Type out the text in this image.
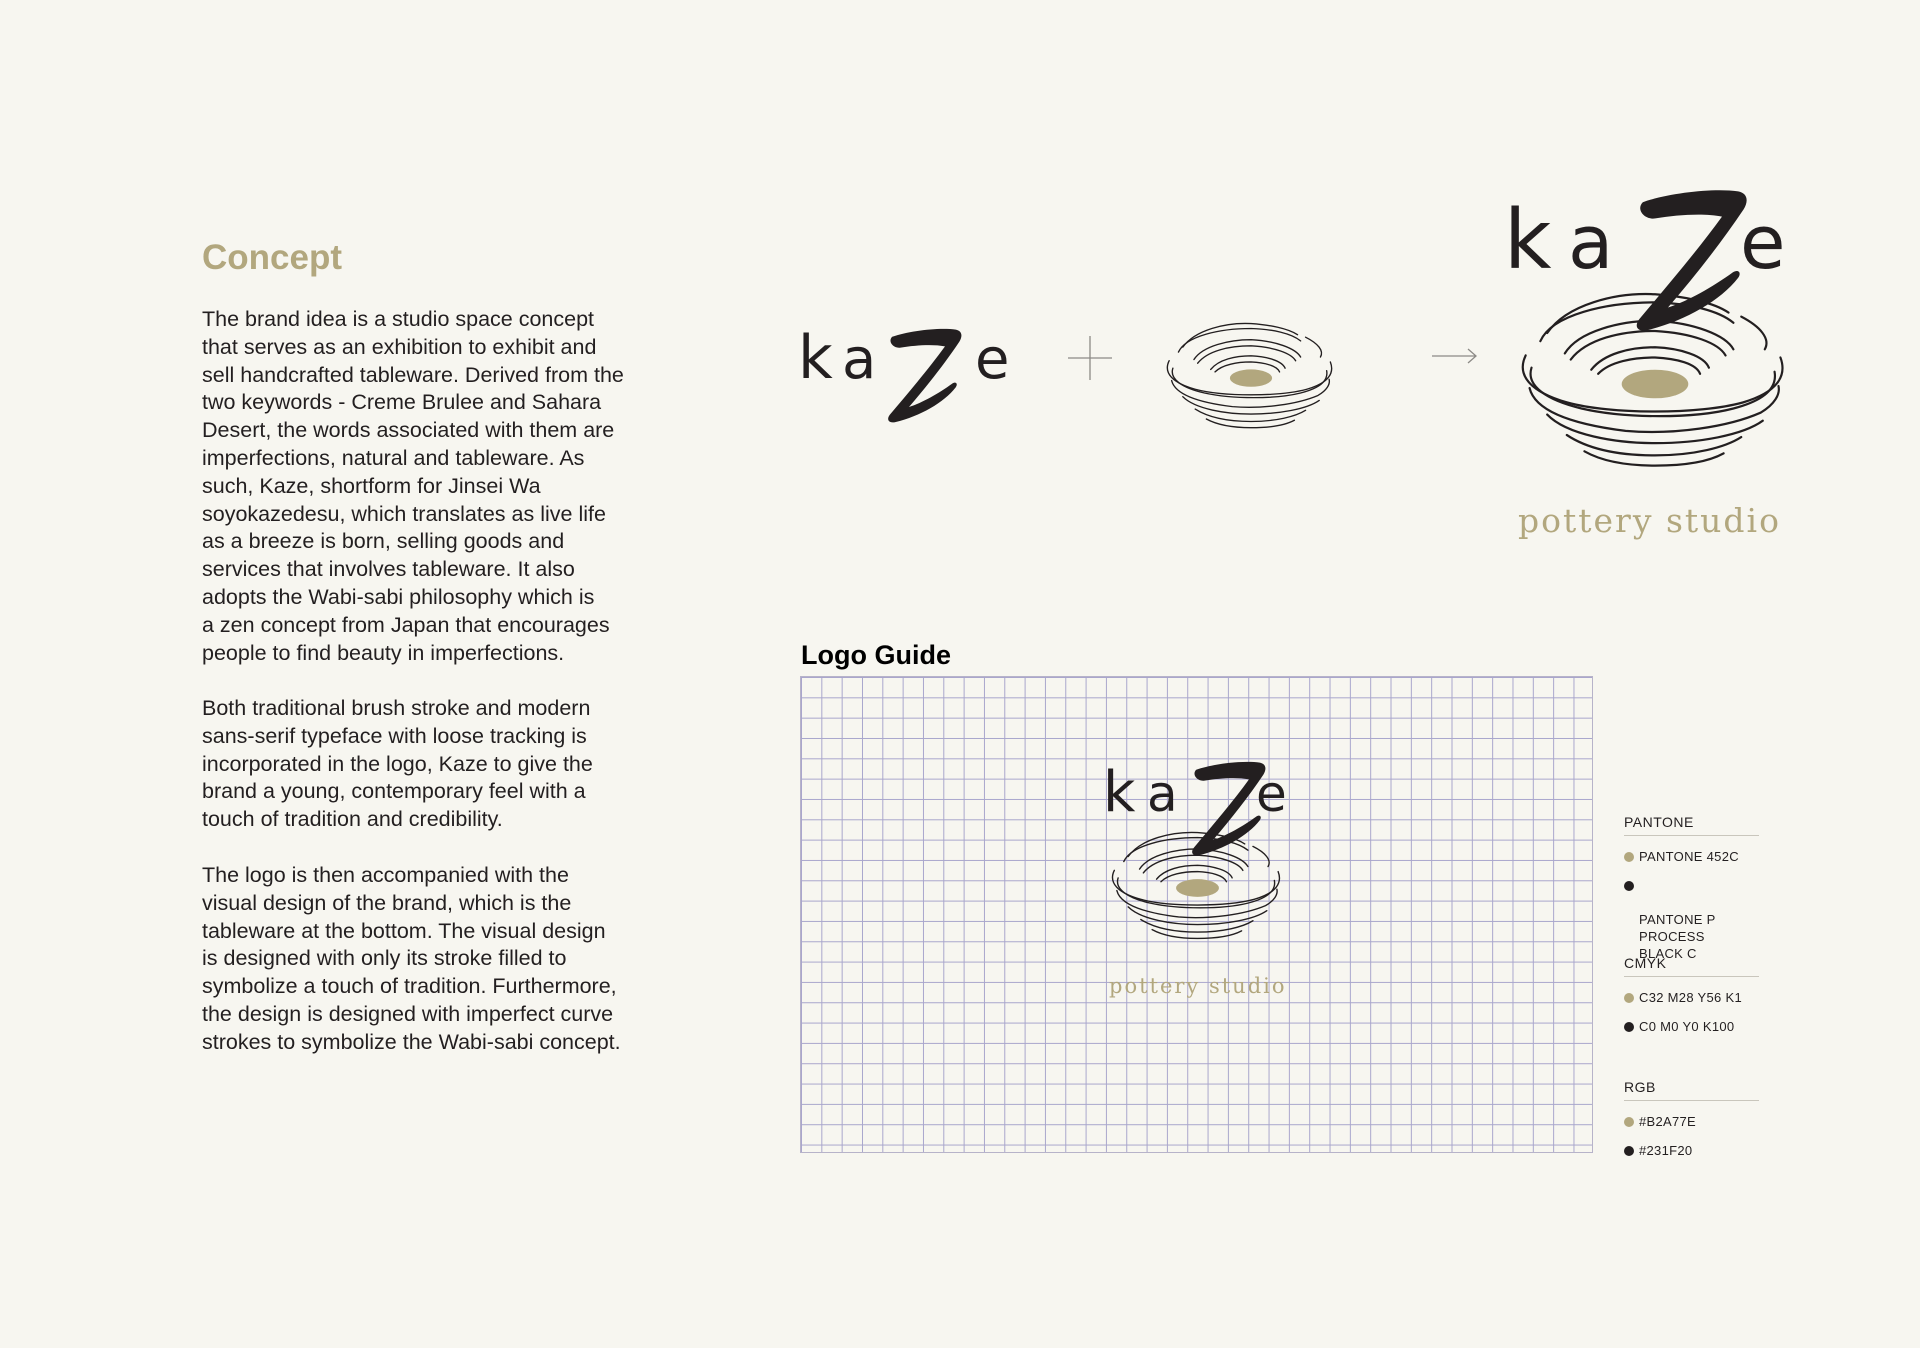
Concept

The brand idea is a studio space concept
that serves as an exhibition to exhibit and
sell handcrafted tableware. Derived from the
two keywords - Creme Brulee and Sahara
Desert, the words associated with them are
imperfections, natural and tableware. As
such, Kaze, shortform for Jinsei Wa
soyokazedesu, which translates as live life
as a breeze is born, selling goods and
services that involves tableware. It also
adopts the Wabi-sabi philosophy which is
a zen concept from Japan that encourages
people to find beauty in imperfections.

Both traditional brush stroke and modern
sans-serif typeface with loose tracking is
incorporated in the logo, Kaze to give the
brand a young, contemporary feel with a
touch of tradition and credibility.

The logo is then accompanied with the
visual design of the brand, which is the
tableware at the bottom. The visual design
is designed with only its stroke filled to
symbolize a touch of tradition. Furthermore,
the design is designed with imperfect curve
strokes to symbolize the Wabi-sabi concept.

k a e
k a e
pottery studio
Logo Guide
k a e
pottery studio
PANTONE
PANTONE 452C

PANTONE P PROCESS
BLACK C

CMYK
C32 M28 Y56 K1
C0 M0 Y0 K100
RGB
#B2A77E
#231F20
